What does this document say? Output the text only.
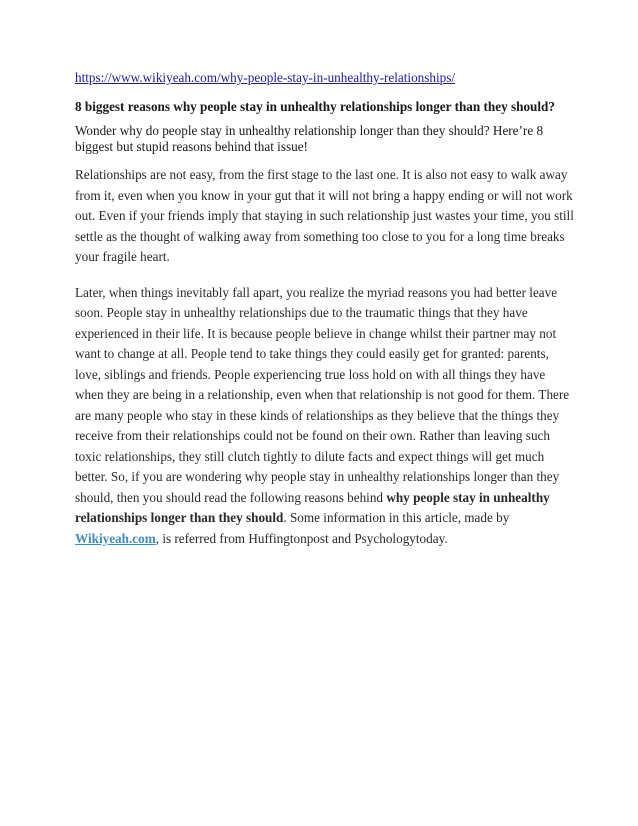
https://www.wikiyeah.com/why-people-stay-in-unhealthy-relationships/

8 biggest reasons why people stay in unhealthy relationships longer than they should?

Wonder why do people stay in unhealthy relationship longer than they should? Here’re 8 biggest but stupid reasons behind that issue!

Relationships are not easy, from the first stage to the last one. It is also not easy to walk away from it, even when you know in your gut that it will not bring a happy ending or will not work out. Even if your friends imply that staying in such relationship just wastes your time, you still settle as the thought of walking away from something too close to you for a long time breaks your fragile heart.

Later, when things inevitably fall apart, you realize the myriad reasons you had better leave soon. People stay in unhealthy relationships due to the traumatic things that they have experienced in their life. It is because people believe in change whilst their partner may not want to change at all. People tend to take things they could easily get for granted: parents, love, siblings and friends. People experiencing true loss hold on with all things they have when they are being in a relationship, even when that relationship is not good for them. There are many people who stay in these kinds of relationships as they believe that the things they receive from their relationships could not be found on their own. Rather than leaving such toxic relationships, they still clutch tightly to dilute facts and expect things will get much better. So, if you are wondering why people stay in unhealthy relationships longer than they should, then you should read the following reasons behind why people stay in unhealthy relationships longer than they should. Some information in this article, made by Wikiyeah.com, is referred from Huffingtonpost and Psychologytoday.
